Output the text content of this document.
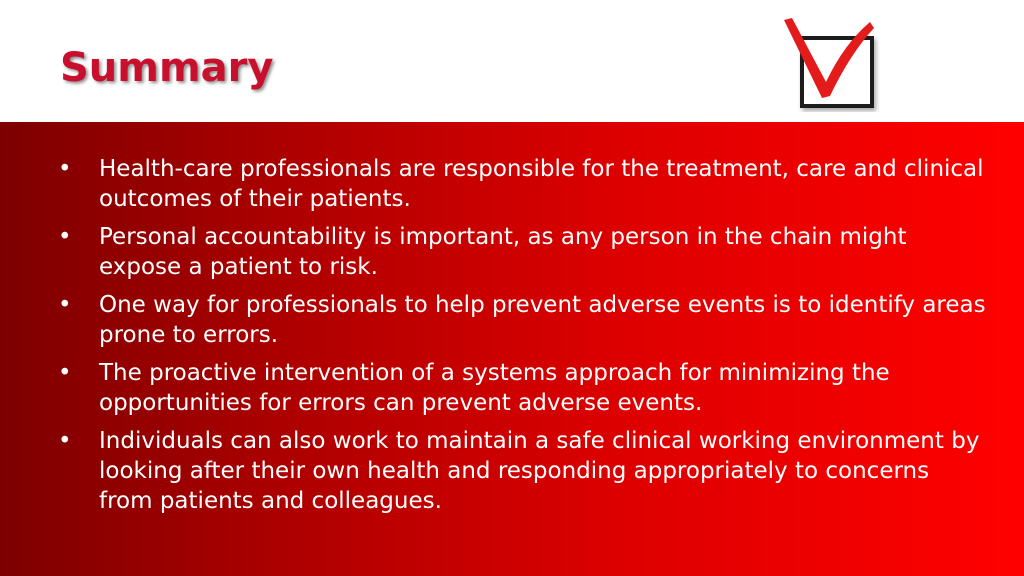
Summary
• Health-care professionals are responsible for the treatment, care and clinical outcomes of their patients.
• Personal accountability is important, as any person in the chain might expose a patient to risk.
• One way for professionals to help prevent adverse events is to identify areas prone to errors.
• The proactive intervention of a systems approach for minimizing the opportunities for errors can prevent adverse events.
• Individuals can also work to maintain a safe clinical working environment by looking after their own health and responding appropriately to concerns from patients and colleagues.
